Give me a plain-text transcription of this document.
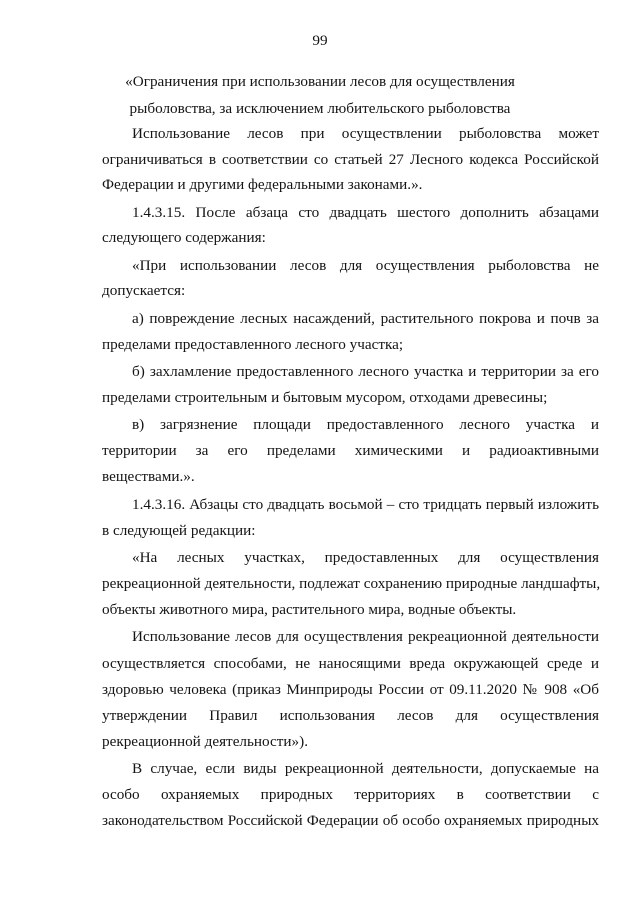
99
«Ограничения при использовании лесов для осуществления
рыболовства, за исключением любительского рыболовства
Использование лесов при осуществлении рыболовства может
ограничиваться в соответствии со статьей 27 Лесного кодекса Российской
Федерации и другими федеральными законами.».
1.4.3.15. После абзаца сто двадцать шестого дополнить абзацами
следующего содержания:
«При использовании лесов для осуществления рыболовства не
допускается:
а) повреждение лесных насаждений, растительного покрова и почв за
пределами предоставленного лесного участка;
б) захламление предоставленного лесного участка и территории за его
пределами строительным и бытовым мусором, отходами древесины;
в) загрязнение площади предоставленного лесного участка и
территории за его пределами химическими и радиоактивными
веществами.».
1.4.3.16. Абзацы сто двадцать восьмой – сто тридцать первый изложить
в следующей редакции:
«На лесных участках, предоставленных для осуществления
рекреационной деятельности, подлежат сохранению природные ландшафты,
объекты животного мира, растительного мира, водные объекты.
Использование лесов для осуществления рекреационной деятельности
осуществляется способами, не наносящими вреда окружающей среде и
здоровью человека (приказ Минприроды России от 09.11.2020 № 908 «Об
утверждении Правил использования лесов для осуществления
рекреационной деятельности»).
В случае, если виды рекреационной деятельности, допускаемые на
особо охраняемых природных территориях в соответствии с
законодательством Российской Федерации об особо охраняемых природных
